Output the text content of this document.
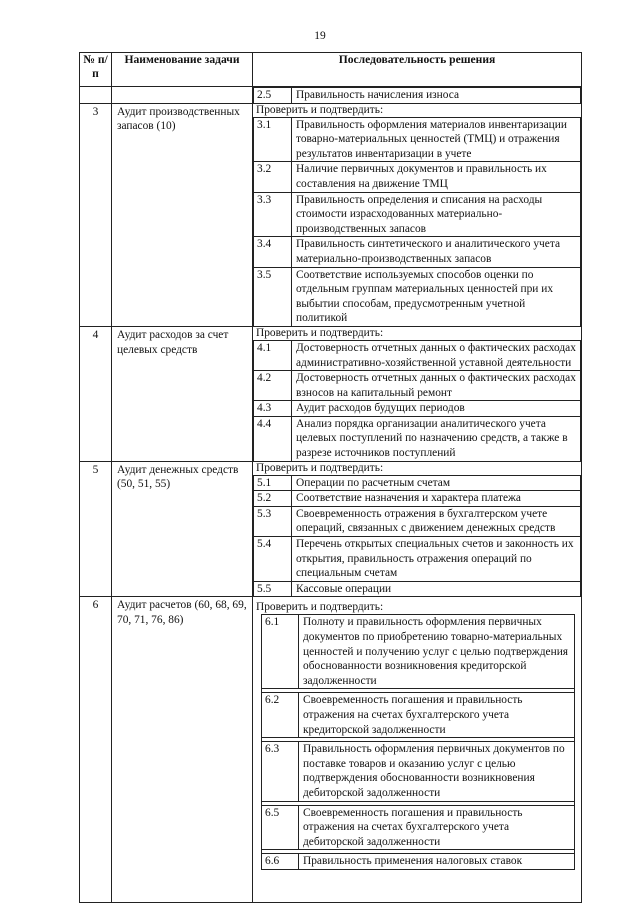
19
№ п/п	Наименование задачи	Последовательность решения

2.5	Правильность начисления износа

3	Аудит производственных запасов (10)	
Проверить и подтвердить:
3.1	Правильность оформления материалов инвентаризации товарно-материальных ценностей (ТМЦ) и отражения результатов инвентаризации в учете
3.2	Наличие первичных документов и правильность их составления на движение ТМЦ
3.3	Правильность определения и списания на расходы стоимости израсходованных материально-производственных запасов
3.4	Правильность синтетического и аналитического учета материально-производственных запасов
3.5	Соответствие используемых способов оценки по отдельным группам материальных ценностей при их выбытии способам, предусмотренным учетной политикой

4	Аудит расходов за счет целевых средств	
Проверить и подтвердить:
4.1	Достоверность отчетных данных о фактических расходах административно-хозяйственной уставной деятельности
4.2	Достоверность отчетных данных о фактических расходах взносов на капитальный ремонт
4.3	Аудит расходов будущих периодов
4.4	Анализ порядка организации аналитического учета целевых поступлений по назначению средств, а также в разрезе источников поступлений

5	Аудит денежных средств (50, 51, 55)	
Проверить и подтвердить:
5.1	Операции по расчетным счетам
5.2	Соответствие назначения и характера платежа
5.3	Своевременность отражения в бухгалтерском учете операций, связанных с движением денежных средств
5.4	Перечень открытых специальных счетов и законность их открытия, правильность отражения операций по специальным счетам
5.5	Кассовые операции

6	Аудит расчетов (60, 68, 69, 70, 71, 76, 86)	
Проверить и подтвердить:
6.1	Полноту и правильность оформления первичных документов по приобретению товарно-материальных ценностей и получению услуг с целью подтверждения обоснованности возникновения кредиторской задолженности

6.2	Своевременность погашения и правильность отражения на счетах бухгалтерского учета кредиторской задолженности

6.3	Правильность оформления первичных документов по поставке товаров и оказанию услуг с целью подтверждения обоснованности возникновения дебиторской задолженности

6.5	Своевременность погашения и правильность отражения на счетах бухгалтерского учета дебиторской задолженности

6.6	Правильность применения налоговых ставок
